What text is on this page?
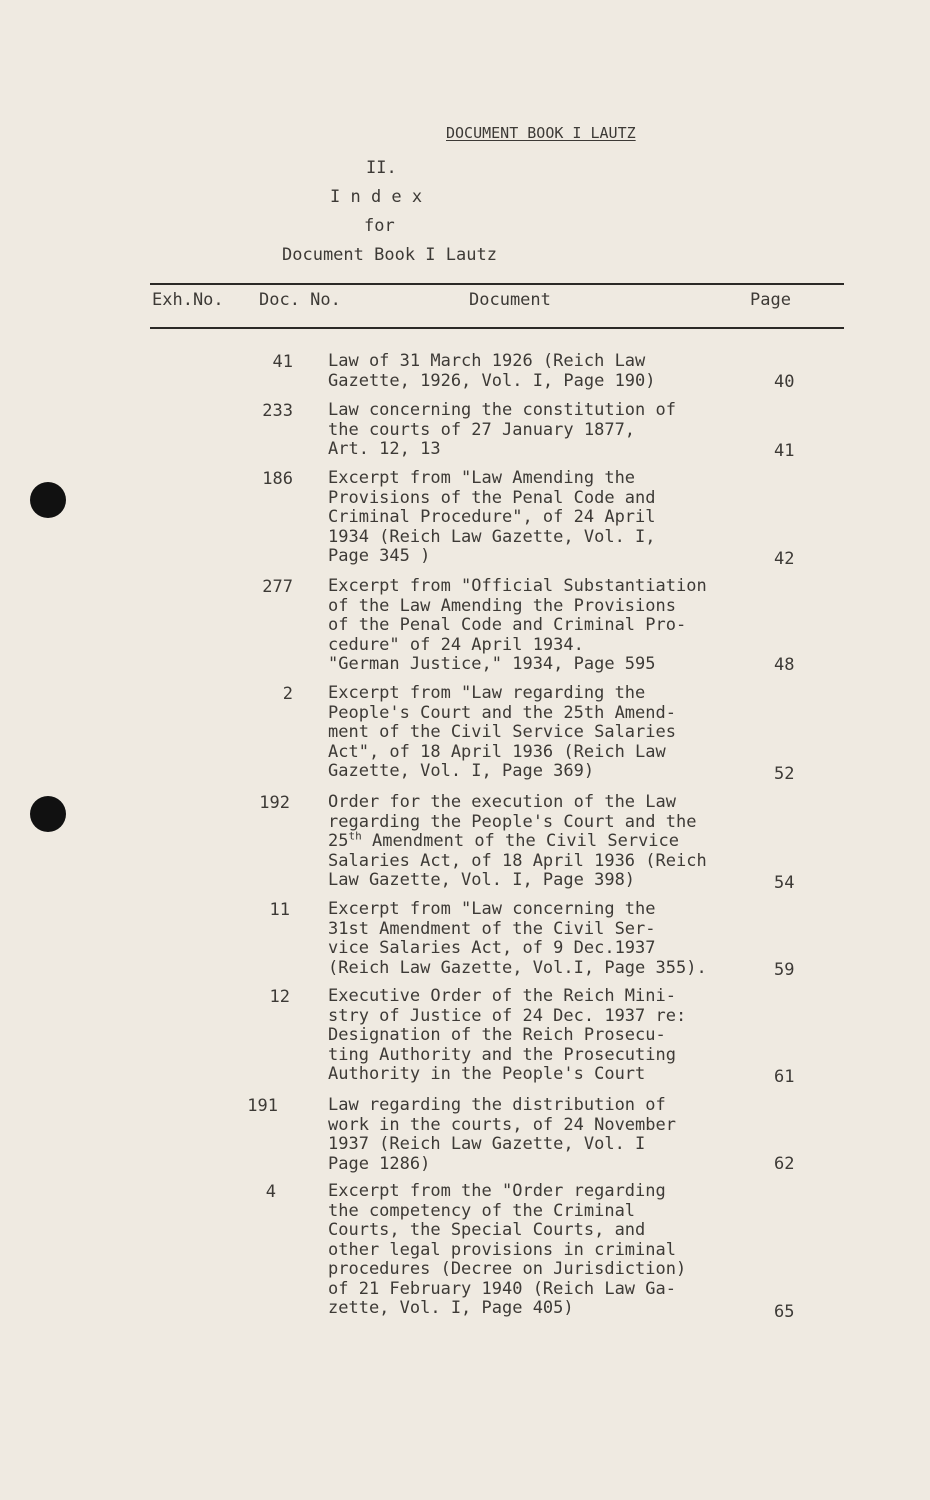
DOCUMENT BOOK I LAUTZ
II.
I n d e x
for
Document Book I Lautz
Exh.No. Doc. No.	Document	Page
41 Law of 31 March 1926 (Reich Law
Gazette, 1926, Vol. I, Page 190)	40
233 Law concerning the constitution of
the courts of 27 January 1877,
Art. 12, 13	41
186 Excerpt from "Law Amending the
Provisions of the Penal Code and
Criminal Procedure", of 24 April
1934 (Reich Law Gazette, Vol. I,
Page 345 )	42
277 Excerpt from "Official Substantiation
of the Law Amending the Provisions
of the Penal Code and Criminal Pro-
cedure" of 24 April 1934.
"German Justice," 1934, Page 595	48
2 Excerpt from "Law regarding the
People's Court and the 25th Amend-
ment of the Civil Service Salaries
Act", of 18 April 1936 (Reich Law
Gazette, Vol. I, Page 369)	52
192 Order for the execution of the Law
regarding the People's Court and the
25th Amendment of the Civil Service
Salaries Act, of 18 April 1936 (Reich
Law Gazette, Vol. I, Page 398)	54
11 Excerpt from "Law concerning the
31st Amendment of the Civil Ser-
vice Salaries Act, of 9 Dec.1937
(Reich Law Gazette, Vol.I, Page 355).	59
12 Executive Order of the Reich Mini-
stry of Justice of 24 Dec. 1937 re:
Designation of the Reich Prosecu-
ting Authority and the Prosecuting
Authority in the People's Court	61
191	Law regarding the distribution of
work in the courts, of 24 November
1937 (Reich Law Gazette, Vol. I
Page 1286)	62
4	Excerpt from the "Order regarding
the competency of the Criminal
Courts, the Special Courts, and
other legal provisions in criminal
procedures (Decree on Jurisdiction)
of 21 February 1940 (Reich Law Ga-
zette, Vol. I, Page 405)	65
